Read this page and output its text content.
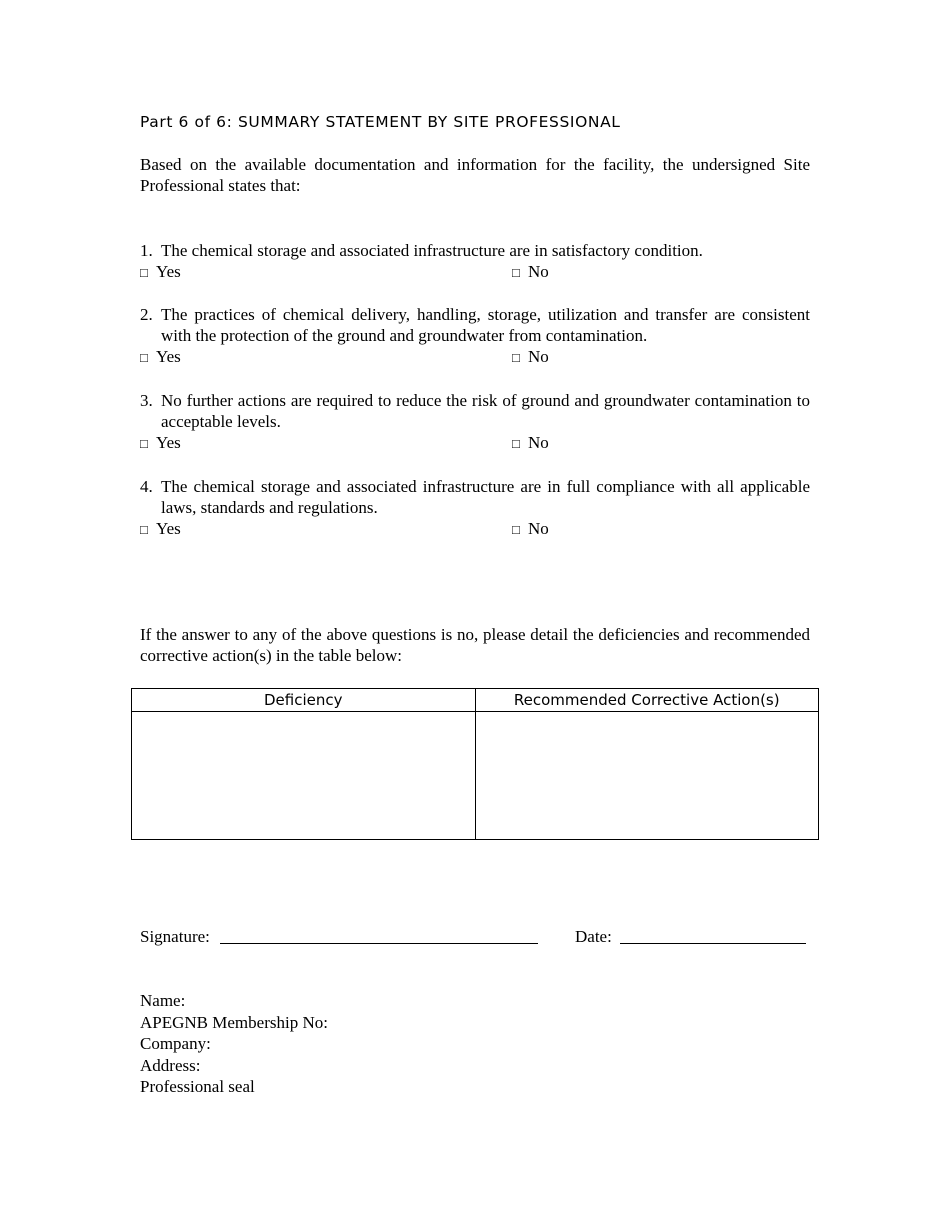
Part 6 of 6: SUMMARY STATEMENT BY SITE PROFESSIONAL
Based on the available documentation and information for the facility, the undersigned Site Professional states that:
1. The chemical storage and associated infrastructure are in satisfactory condition.
□ Yes	□ No
2. The practices of chemical delivery, handling, storage, utilization and transfer are consistent with the protection of the ground and groundwater from contamination.
□ Yes	□ No
3. No further actions are required to reduce the risk of ground and groundwater contamination to acceptable levels.
□ Yes	□ No
4. The chemical storage and associated infrastructure are in full compliance with all applicable laws, standards and regulations.
□ Yes	□ No
If the answer to any of the above questions is no, please detail the deficiencies and recommended corrective action(s) in the table below:
Deficiency	Recommended Corrective Action(s)

Signature:	Date:
Name:
APEGNB Membership No:
Company:
Address:
Professional seal
